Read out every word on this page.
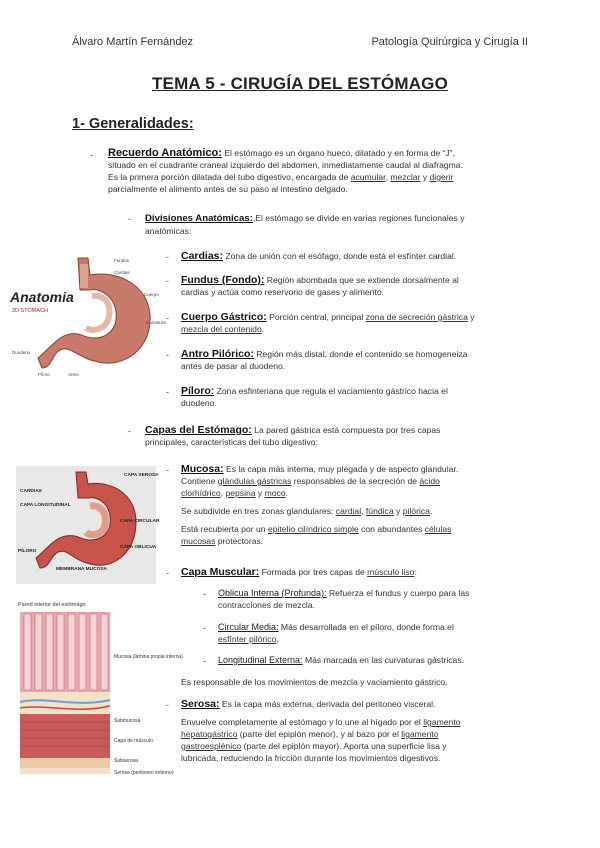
Álvaro Martín Fernández	Patología Quirúrgica y Cirugía II
TEMA 5 - CIRUGÍA DEL ESTÓMAGO
1- Generalidades:
- Recuerdo Anatómico: El estómago es un órgano hueco, dilatado y en forma de “J”,
situado en el cuadrante craneal izquierdo del abdomen, inmediatamente caudal al diafragma.
Es la primera porción dilatada del tubo digestivo, encargada de acumular, mezclar y digerir
parcialmente el alimento antes de su paso al intestino delgado.
- Divisiones Anatómicas: El estómago se divide en varias regiones funcionales y
anatómicas:
Anatomia
2D STOMACH
Fundus
Cuerpo
Píloro	Antro
Cardias
Duodeno
Curvatura
- Cardias: Zona de unión con el esófago, donde está el esfínter cardial.
- Fundus (Fondo): Región abombada que se extiende dorsalmente al
cardias y actúa como reservorio de gases y alimento.
- Cuerpo Gástrico: Porción central, principal zona de secreción gástrica y
mezcla del contenido.
- Antro Pilórico: Región más distal, donde el contenido se homogeneiza
antes de pasar al duodeno.
- Píloro: Zona esfinteriana que regula el vaciamiento gástrico hacia el
duodeno.
- Capas del Estómago: La pared gástrica está compuesta por tres capas
principales, características del tubo digestivo:
CAPA SEROSA
CARDIAS
CAPA LONGITUDINAL
CAPA CIRCULAR
CAPA OBLICUA
PÍLORO
MEMBRANA MUCOSA
- Mucosa: Es la capa más interna, muy plegada y de aspecto glandular.
Contiene glándulas gástricas responsables de la secreción de ácido
clorhídrico, pepsina y moco.
Se subdivide en tres zonas glandulares: cardial, fúndica y pilórica.
Está recubierta por un epitelio cilíndrico simple con abundantes células
mucosas protectoras.
Pared interior del estómago
Mucosa (lámina propia interna)
Submucosa
Capa de músculo
Subserosa
Serosa (peritoneo externo)
- Capa Muscular: Formada por tres capas de músculo liso:
- Oblicua Interna (Profunda): Refuerza el fundus y cuerpo para las
contracciones de mezcla.
- Circular Media: Más desarrollada en el píloro, donde forma el
esfínter pilórico.
- Longitudinal Externa: Más marcada en las curvaturas gástricas.
Es responsable de los movimientos de mezcla y vaciamiento gástrico.
- Serosa: Es la capa más externa, derivada del peritoneo visceral.
Envuelve completamente al estómago y lo une al hígado por el ligamento
hepatogástrico (parte del epiplón menor), y al bazo por el ligamento
gastroesplénico (parte del epiplón mayor). Aporta una superficie lisa y
lubricada, reduciendo la fricción durante los movimientos digestivos.
